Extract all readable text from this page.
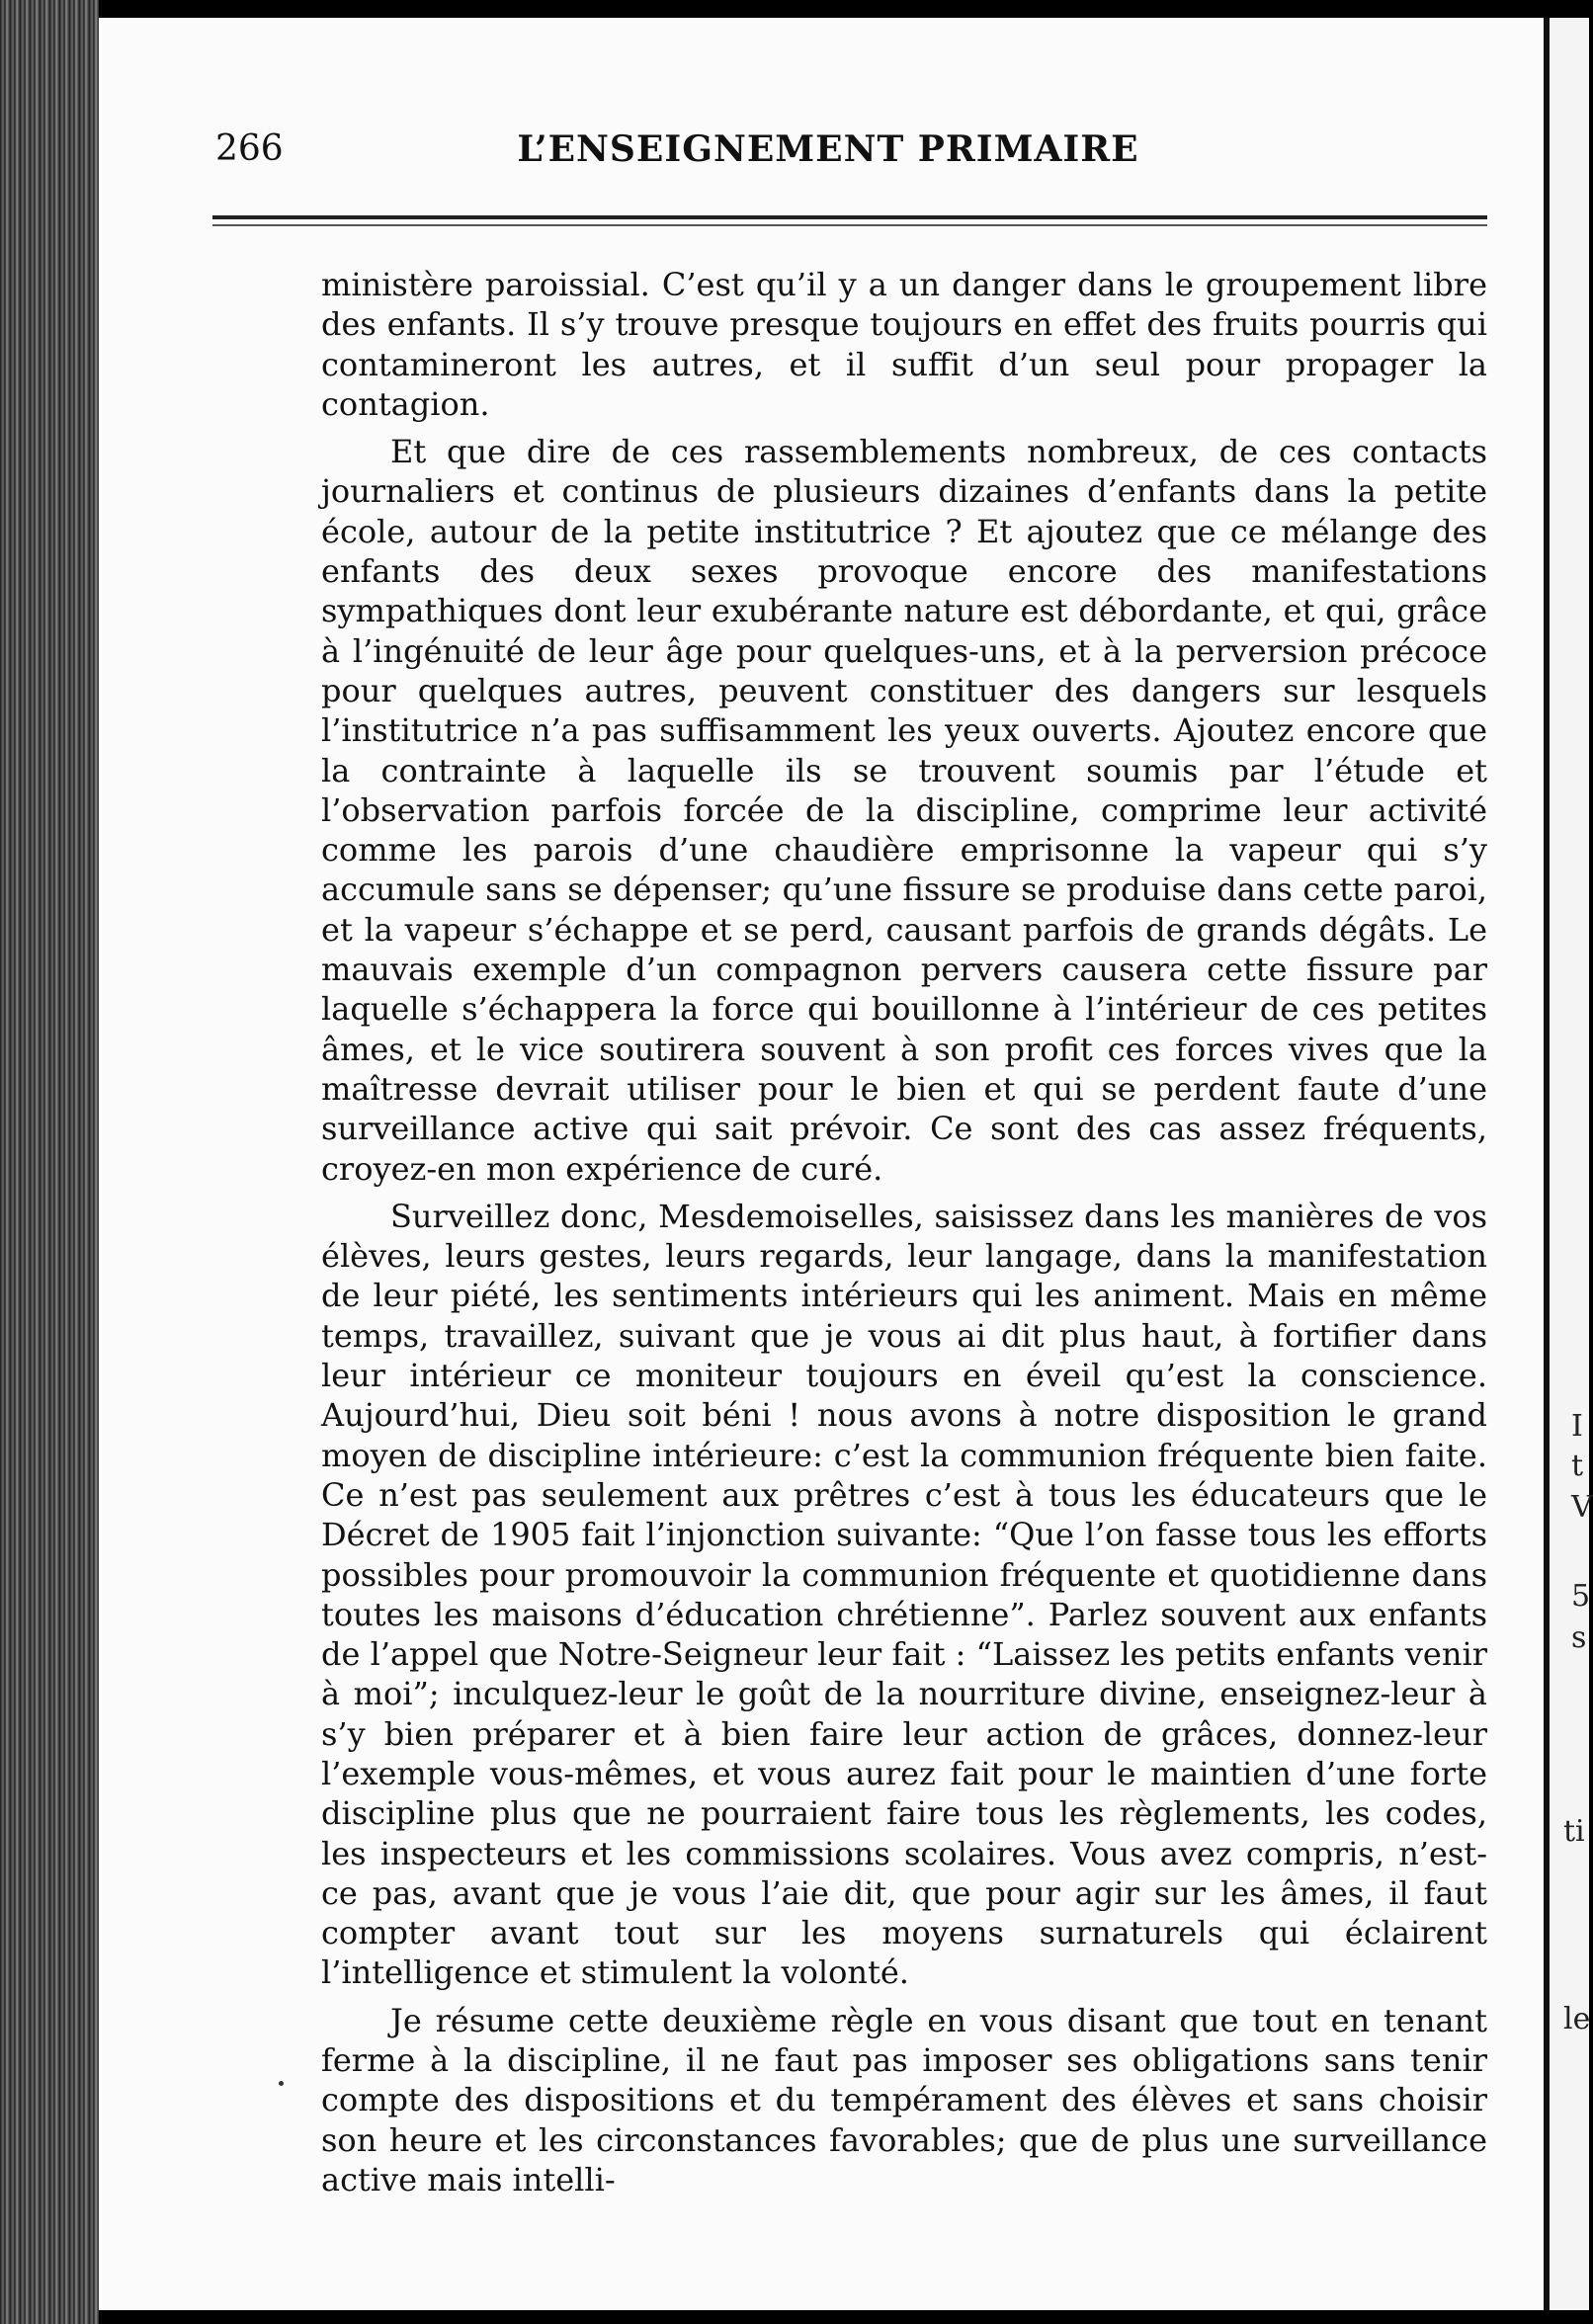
I
t
V
5
s
ti
le
266	L’ENSEIGNEMENT PRIMAIRE

ministère paroissial. C’est qu’il y a un danger dans le groupement libre des enfants. Il s’y trouve presque toujours en effet des fruits pourris qui contamineront les autres, et il suffit d’un seul pour propager la contagion.

Et que dire de ces rassemblements nombreux, de ces contacts journaliers et continus de plusieurs dizaines d’enfants dans la petite école, autour de la petite institutrice ? Et ajoutez que ce mélange des enfants des deux sexes provoque encore des manifestations sympathiques dont leur exubérante nature est débordante, et qui, grâce à l’ingénuité de leur âge pour quelques-uns, et à la perversion précoce pour quelques autres, peuvent constituer des dangers sur lesquels l’institutrice n’a pas suffisamment les yeux ouverts. Ajoutez encore que la contrainte à laquelle ils se trouvent soumis par l’étude et l’observation parfois forcée de la discipline, comprime leur activité comme les parois d’une chaudière emprisonne la vapeur qui s’y accumule sans se dépenser; qu’une fissure se produise dans cette paroi, et la vapeur s’échappe et se perd, causant parfois de grands dégâts. Le mauvais exemple d’un compagnon pervers causera cette fissure par laquelle s’échappera la force qui bouillonne à l’intérieur de ces petites âmes, et le vice soutirera souvent à son profit ces forces vives que la maîtresse devrait utiliser pour le bien et qui se perdent faute d’une surveillance active qui sait prévoir. Ce sont des cas assez fréquents, croyez-en mon expérience de curé.

Surveillez donc, Mesdemoiselles, saisissez dans les manières de vos élèves, leurs gestes, leurs regards, leur langage, dans la manifestation de leur piété, les sentiments intérieurs qui les animent. Mais en même temps, travaillez, suivant que je vous ai dit plus haut, à fortifier dans leur intérieur ce moniteur toujours en éveil qu’est la conscience. Aujourd’hui, Dieu soit béni ! nous avons à notre disposition le grand moyen de discipline intérieure: c’est la communion fréquente bien faite. Ce n’est pas seulement aux prêtres c’est à tous les éducateurs que le Décret de 1905 fait l’injonction suivante: “Que l’on fasse tous les efforts possibles pour promouvoir la communion fréquente et quotidienne dans toutes les maisons d’éducation chrétienne”. Parlez souvent aux enfants de l’appel que Notre-Seigneur leur fait : “Laissez les petits enfants venir à moi”; inculquez-leur le goût de la nourriture divine, enseignez-leur à s’y bien préparer et à bien faire leur action de grâces, donnez-leur l’exemple vous-mêmes, et vous aurez fait pour le maintien d’une forte discipline plus que ne pourraient faire tous les règlements, les codes, les inspecteurs et les commissions scolaires. Vous avez compris, n’est-ce pas, avant que je vous l’aie dit, que pour agir sur les âmes, il faut compter avant tout sur les moyens surnaturels qui éclairent l’intelligence et stimulent la volonté.

Je résume cette deuxième règle en vous disant que tout en tenant ferme à la discipline, il ne faut pas imposer ses obligations sans tenir compte des dispositions et du tempérament des élèves et sans choisir son heure et les circonstances favorables; que de plus une surveillance active mais intelli-
